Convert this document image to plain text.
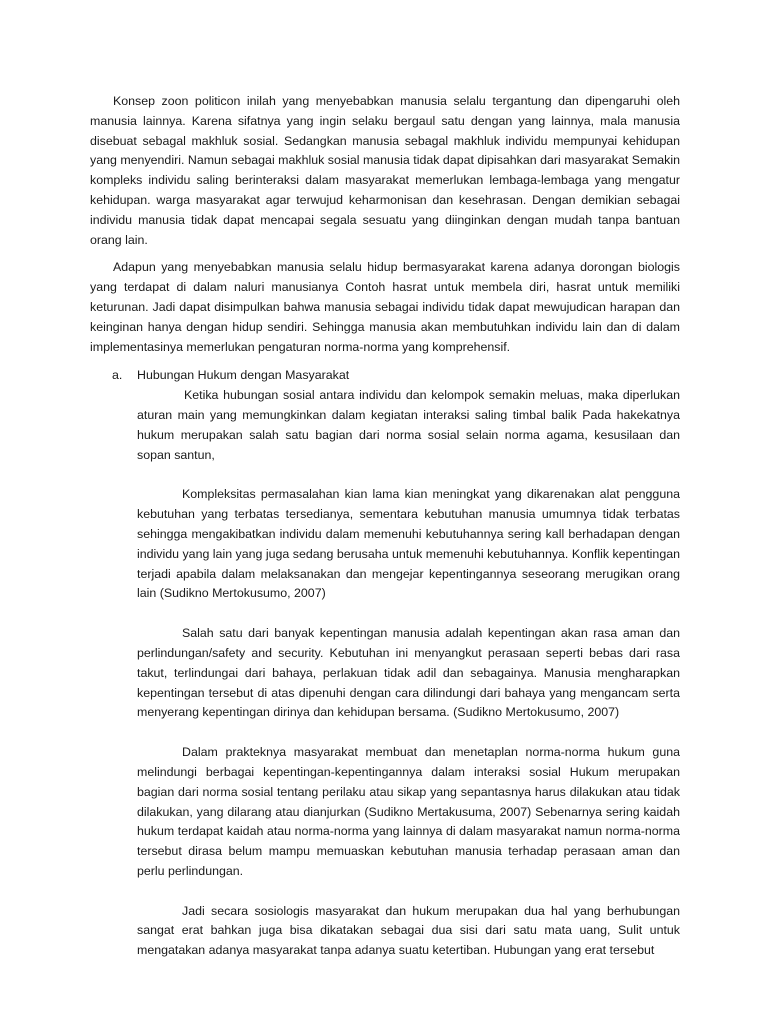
Konsep zoon politicon inilah yang menyebabkan manusia selalu tergantung dan dipengaruhi oleh manusia lainnya. Karena sifatnya yang ingin selaku bergaul satu dengan yang lainnya, mala manusia disebuat sebagal makhluk sosial. Sedangkan manusia sebagal makhluk individu mempunyai kehidupan yang menyendiri. Namun sebagai makhluk sosial manusia tidak dapat dipisahkan dari masyarakat Semakin kompleks individu saling berinteraksi dalam masyarakat memerlukan lembaga-lembaga yang mengatur kehidupan. warga masyarakat agar terwujud keharmonisan dan kesehrasan. Dengan demikian sebagai individu manusia tidak dapat mencapai segala sesuatu yang diinginkan dengan mudah tanpa bantuan orang lain.

Adapun yang menyebabkan manusia selalu hidup bermasyarakat karena adanya dorongan biologis yang terdapat di dalam naluri manusianya Contoh hasrat untuk membela diri, hasrat untuk memiliki keturunan. Jadi dapat disimpulkan bahwa manusia sebagai individu tidak dapat mewujudican harapan dan keinginan hanya dengan hidup sendiri. Sehingga manusia akan membutuhkan individu lain dan di dalam implementasinya memerlukan pengaturan norma-norma yang komprehensif.

a. Hubungan Hukum dengan Masyarakat

Ketika hubungan sosial antara individu dan kelompok semakin meluas, maka diperlukan aturan main yang memungkinkan dalam kegiatan interaksi saling timbal balik Pada hakekatnya hukum merupakan salah satu bagian dari norma sosial selain norma agama, kesusilaan dan sopan santun,

Kompleksitas permasalahan kian lama kian meningkat yang dikarenakan alat pengguna kebutuhan yang terbatas tersedianya, sementara kebutuhan manusia umumnya tidak terbatas sehingga mengakibatkan individu dalam memenuhi kebutuhannya sering kall berhadapan dengan individu yang lain yang juga sedang berusaha untuk memenuhi kebutuhannya. Konflik kepentingan terjadi apabila dalam melaksanakan dan mengejar kepentingannya seseorang merugikan orang lain (Sudikno Mertokusumo, 2007)

Salah satu dari banyak kepentingan manusia adalah kepentingan akan rasa aman dan perlindungan/safety and security. Kebutuhan ini menyangkut perasaan seperti bebas dari rasa takut, terlindungai dari bahaya, perlakuan tidak adil dan sebagainya. Manusia mengharapkan kepentingan tersebut di atas dipenuhi dengan cara dilindungi dari bahaya yang mengancam serta menyerang kepentingan dirinya dan kehidupan bersama. (Sudikno Mertokusumo, 2007)

Dalam prakteknya masyarakat membuat dan menetaplan norma-norma hukum guna melindungi berbagai kepentingan-kepentingannya dalam interaksi sosial Hukum merupakan bagian dari norma sosial tentang perilaku atau sikap yang sepantasnya harus dilakukan atau tidak dilakukan, yang dilarang atau dianjurkan (Sudikno Mertakusuma, 2007) Sebenarnya sering kaidah hukum terdapat kaidah atau norma-norma yang lainnya di dalam masyarakat namun norma-norma tersebut dirasa belum mampu memuaskan kebutuhan manusia terhadap perasaan aman dan perlu perlindungan.

Jadi secara sosiologis masyarakat dan hukum merupakan dua hal yang berhubungan sangat erat bahkan juga bisa dikatakan sebagai dua sisi dari satu mata uang, Sulit untuk mengatakan adanya masyarakat tanpa adanya suatu ketertiban. Hubungan yang erat tersebut
